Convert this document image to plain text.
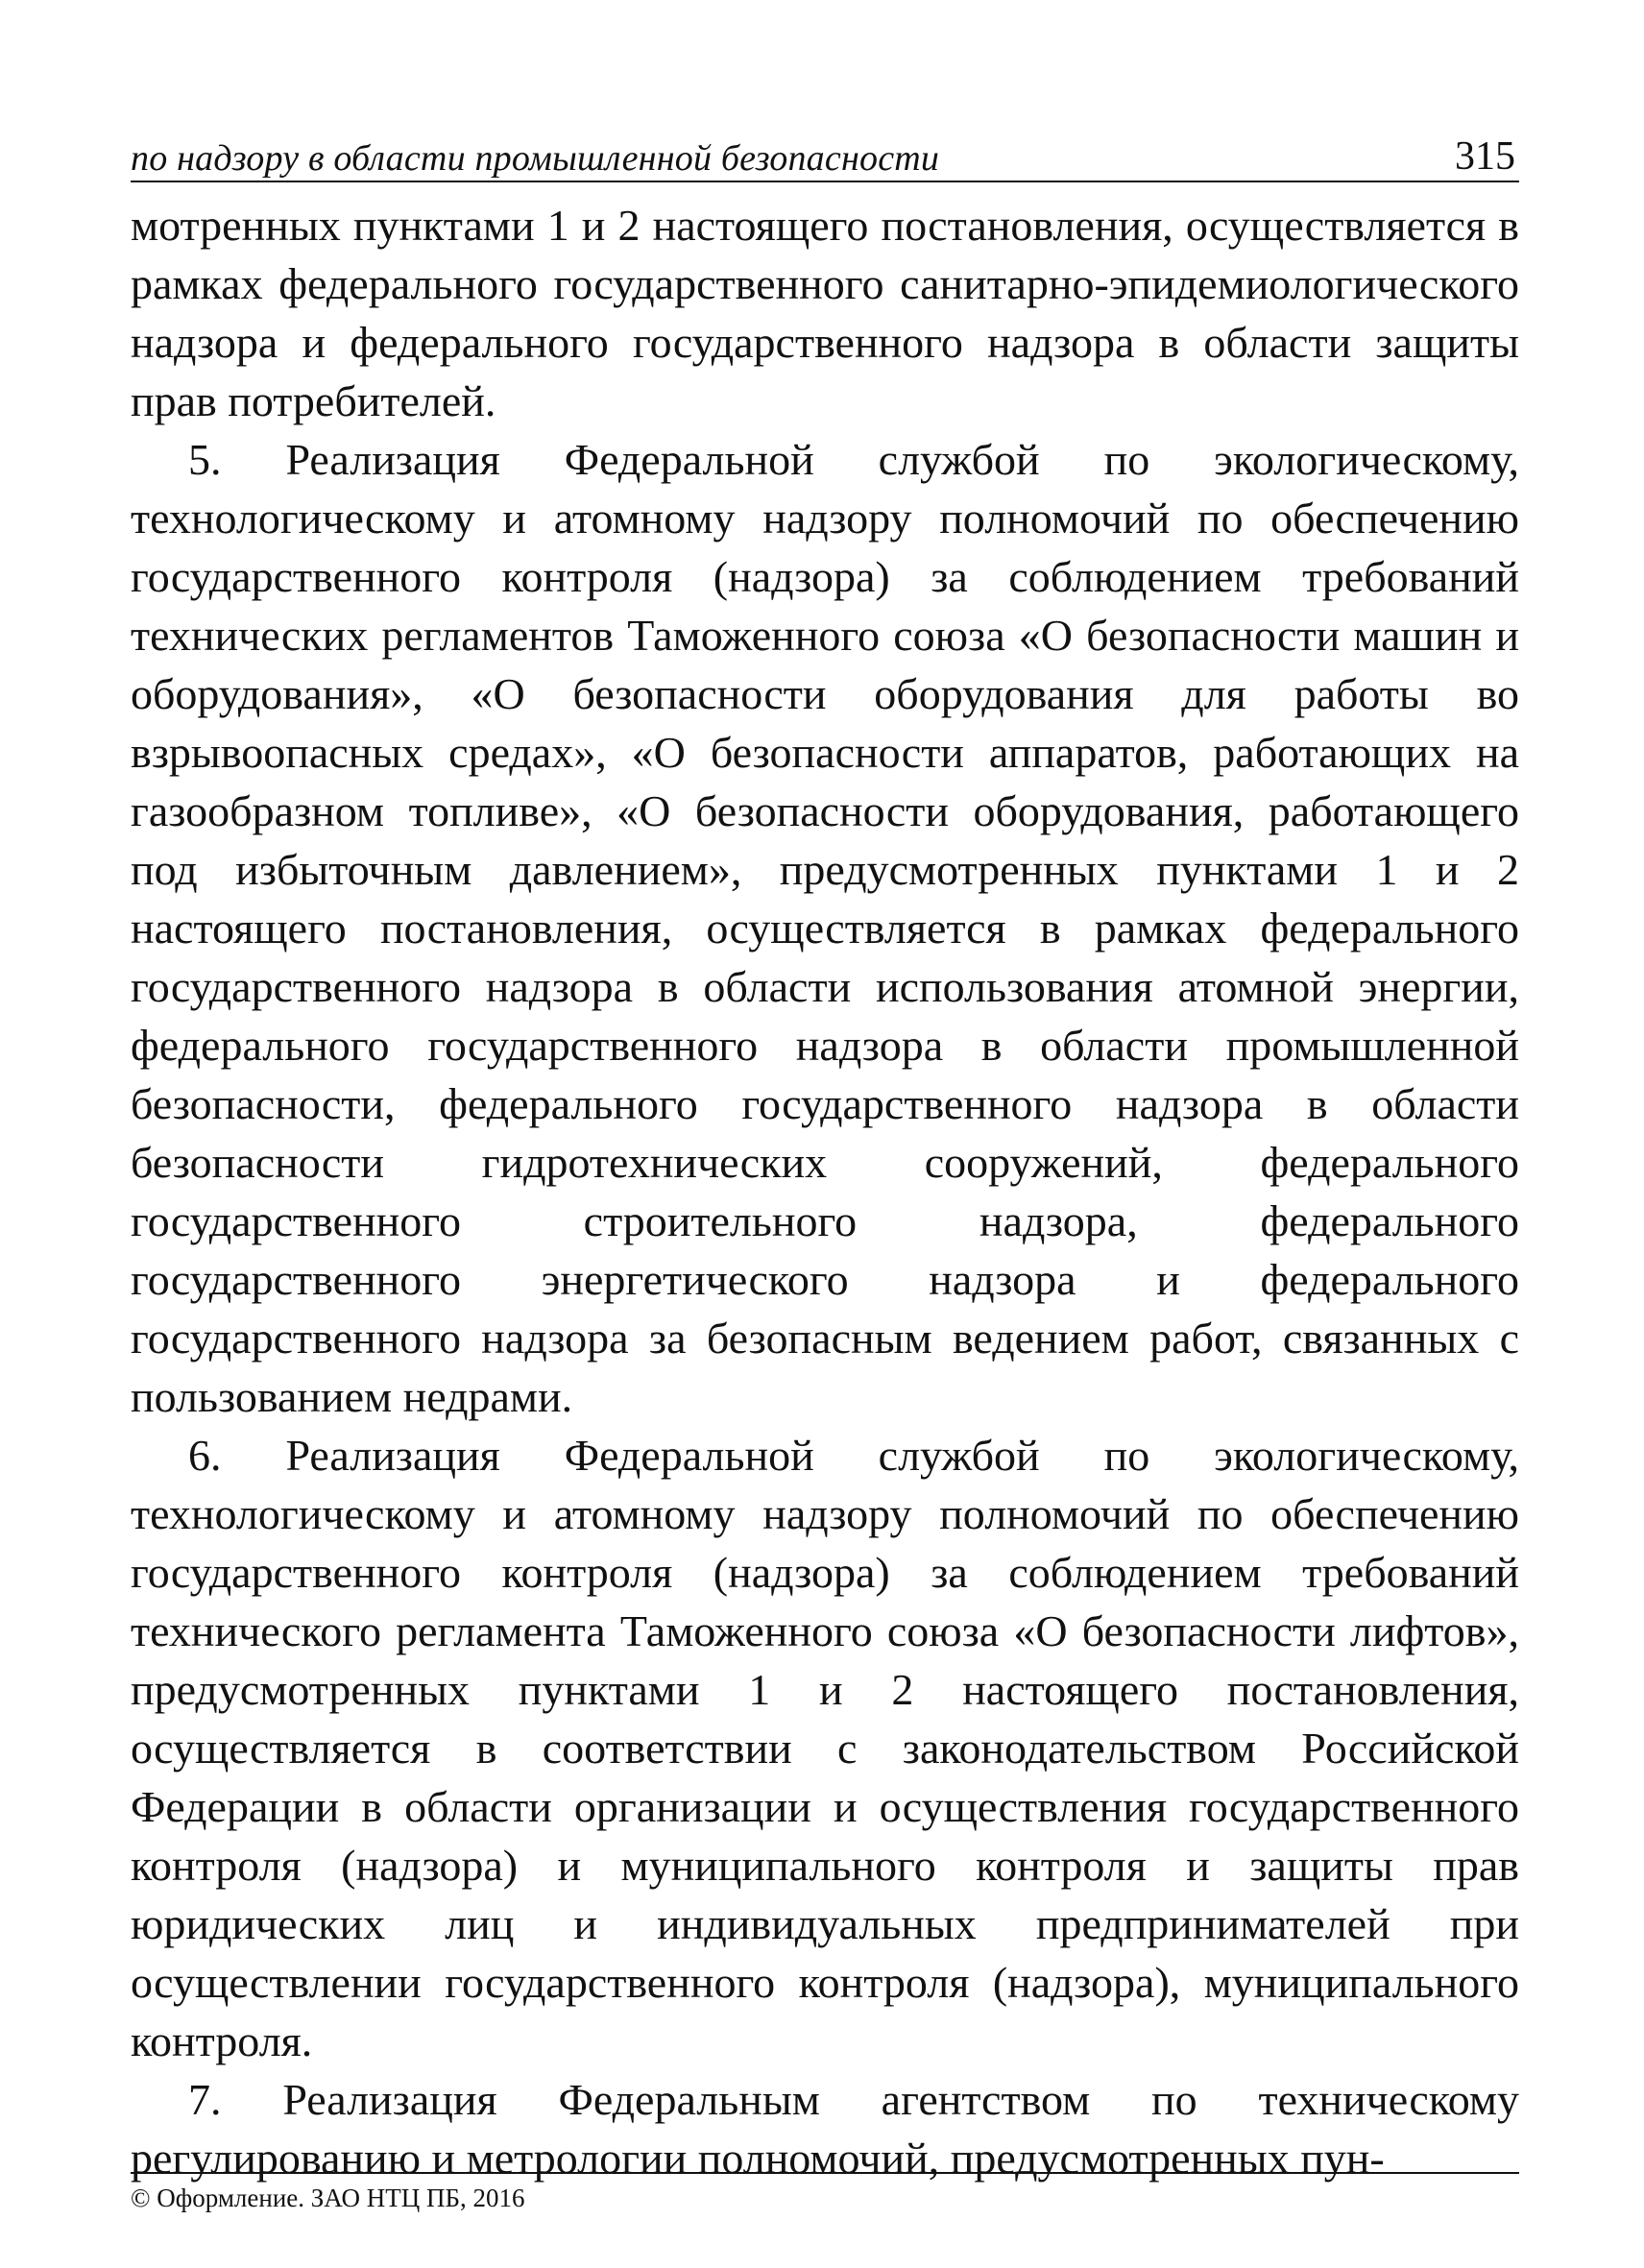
по надзору в области промышленной безопасности	315

мотренных пунктами 1 и 2 настоящего постановления, осуществляется в рамках федерального государственного санитарно-эпидемиологического надзора и федерального государственного надзора в области защиты прав потребителей.

5. Реализация Федеральной службой по экологическому, технологическому и атомному надзору полномочий по обеспечению государственного контроля (надзора) за соблюдением требований технических регламентов Таможенного союза «О безопасности машин и оборудования», «О безопасности оборудования для работы во взрывоопасных средах», «О безопасности аппаратов, работающих на газообразном топливе», «О безопасности оборудования, работающего под избыточным давлением», предусмотренных пунктами 1 и 2 настоящего постановления, осуществляется в рамках федерального государственного надзора в области использования атомной энергии, федерального государственного надзора в области промышленной безопасности, федерального государственного надзора в области безопасности гидротехнических сооружений, федерального государственного строительного надзора, федерального государственного энергетического надзора и федерального государственного надзора за безопасным ведением работ, связанных с пользованием недрами.

6. Реализация Федеральной службой по экологическому, технологическому и атомному надзору полномочий по обеспечению государственного контроля (надзора) за соблюдением требований технического регламента Таможенного союза «О безопасности лифтов», предусмотренных пунктами 1 и 2 настоящего постановления, осуществляется в соответствии с законодательством Российской Федерации в области организации и осуществления государственного контроля (надзора) и муниципального контроля и защиты прав юридических лиц и индивидуальных предпринимателей при осуществлении государственного контроля (надзора), муниципального контроля.

7. Реализация Федеральным агентством по техническому регулированию и метрологии полномочий, предусмотренных пун-

© Оформление. ЗАО НТЦ ПБ, 2016
